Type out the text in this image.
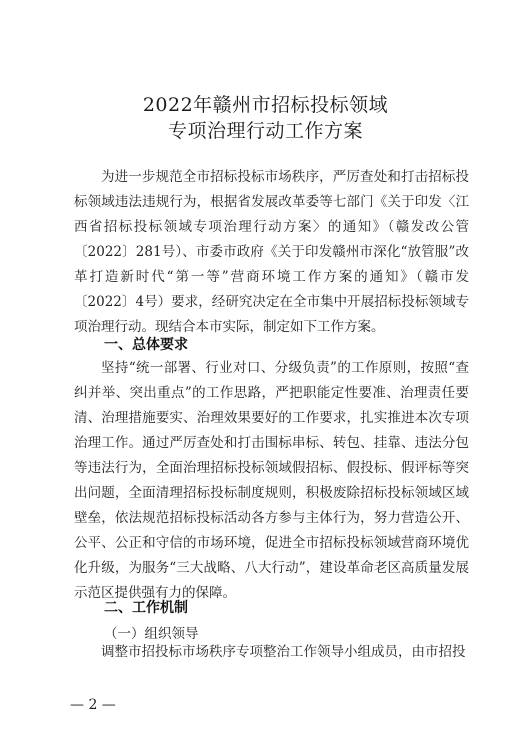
2022年赣州市招标投标领域
专项治理行动工作方案
为进一步规范全市招标投标市场秩序，严厉查处和打击招标投标领域违法违规行为，根据省发展改革委等七部门《关于印发〈江西省招标投标领域专项治理行动方案〉的通知》（赣发改公管〔2022〕281号）、市委市政府《关于印发赣州市深化“放管服”改革打造新时代“第一等”营商环境工作方案的通知》（赣市发〔2022〕4号）要求，经研究决定在全市集中开展招标投标领域专项治理行动。现结合本市实际，制定如下工作方案。
一、总体要求
坚持“统一部署、行业对口、分级负责”的工作原则，按照“查纠并举、突出重点”的工作思路，严把职能定性要准、治理责任要清、治理措施要实、治理效果要好的工作要求，扎实推进本次专项治理工作。通过严厉查处和打击围标串标、转包、挂靠、违法分包等违法行为，全面治理招标投标领域假招标、假投标、假评标等突出问题，全面清理招标投标制度规则，积极废除招标投标领域区域壁垒，依法规范招标投标活动各方参与主体行为，努力营造公开、公平、公正和守信的市场环境，促进全市招标投标领域营商环境优化升级，为服务“三大战略、八大行动”，建设革命老区高质量发展示范区提供强有力的保障。
二、工作机制
（一）组织领导
调整市招投标市场秩序专项整治工作领导小组成员，由市招投
— 2 —
